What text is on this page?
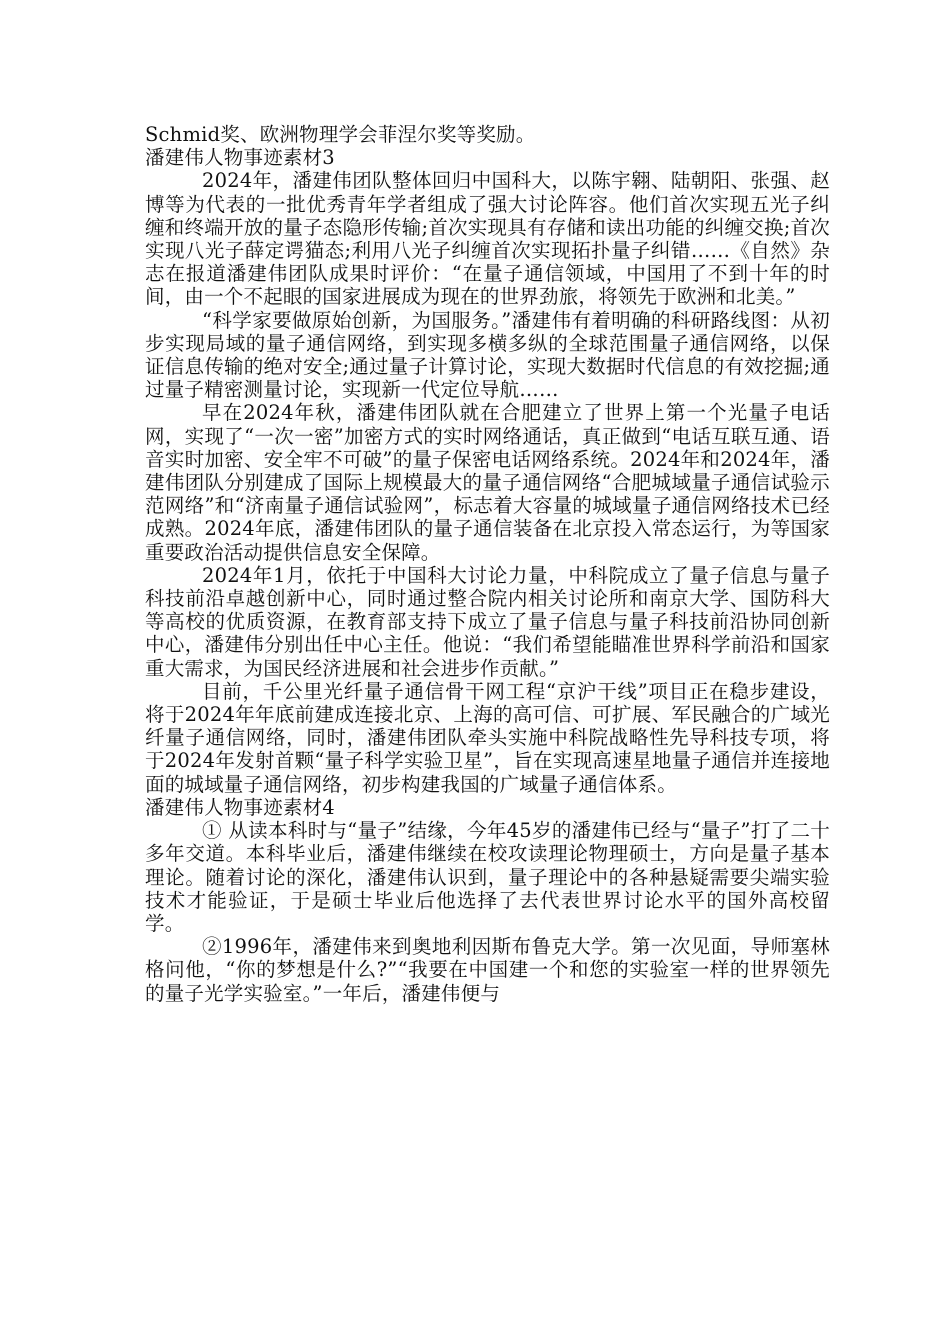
Schmid奖、欧洲物理学会菲涅尔奖等奖励。

潘建伟人物事迹素材3

2024年，潘建伟团队整体回归中国科大，以陈宇翱、陆朝阳、张强、赵博等为代表的一批优秀青年学者组成了强大讨论阵容。他们首次实现五光子纠缠和终端开放的量子态隐形传输;首次实现具有存储和读出功能的纠缠交换;首次实现八光子薛定谔猫态;利用八光子纠缠首次实现拓扑量子纠错……《自然》杂志在报道潘建伟团队成果时评价：“在量子通信领域，中国用了不到十年的时间，由一个不起眼的国家进展成为现在的世界劲旅，将领先于欧洲和北美。”

“科学家要做原始创新，为国服务。”潘建伟有着明确的科研路线图：从初步实现局域的量子通信网络，到实现多横多纵的全球范围量子通信网络，以保证信息传输的绝对安全;通过量子计算讨论，实现大数据时代信息的有效挖掘;通过量子精密测量讨论，实现新一代定位导航……

早在2024年秋，潘建伟团队就在合肥建立了世界上第一个光量子电话网，实现了“一次一密”加密方式的实时网络通话，真正做到“电话互联互通、语音实时加密、安全牢不可破”的量子保密电话网络系统。2024年和2024年，潘建伟团队分别建成了国际上规模最大的量子通信网络“合肥城域量子通信试验示范网络”和“济南量子通信试验网”，标志着大容量的城域量子通信网络技术已经成熟。2024年底，潘建伟团队的量子通信装备在北京投入常态运行，为等国家重要政治活动提供信息安全保障。

2024年1月，依托于中国科大讨论力量，中科院成立了量子信息与量子科技前沿卓越创新中心，同时通过整合院内相关讨论所和南京大学、国防科大等高校的优质资源，在教育部支持下成立了量子信息与量子科技前沿协同创新中心，潘建伟分别出任中心主任。他说：“我们希望能瞄准世界科学前沿和国家重大需求，为国民经济进展和社会进步作贡献。”

目前，千公里光纤量子通信骨干网工程“京沪干线”项目正在稳步建设，将于2024年年底前建成连接北京、上海的高可信、可扩展、军民融合的广域光纤量子通信网络，同时，潘建伟团队牵头实施中科院战略性先导科技专项，将于2024年发射首颗“量子科学实验卫星”，旨在实现高速星地量子通信并连接地面的城域量子通信网络，初步构建我国的广域量子通信体系。

潘建伟人物事迹素材4

① 从读本科时与“量子”结缘，今年45岁的潘建伟已经与“量子”打了二十多年交道。本科毕业后，潘建伟继续在校攻读理论物理硕士，方向是量子基本理论。随着讨论的深化，潘建伟认识到，量子理论中的各种悬疑需要尖端实验技术才能验证，于是硕士毕业后他选择了去代表世界讨论水平的国外高校留学。

②1996年，潘建伟来到奥地利因斯布鲁克大学。第一次见面，导师塞林格问他，“你的梦想是什么?”“我要在中国建一个和您的实验室一样的世界领先的量子光学实验室。”一年后，潘建伟便与
